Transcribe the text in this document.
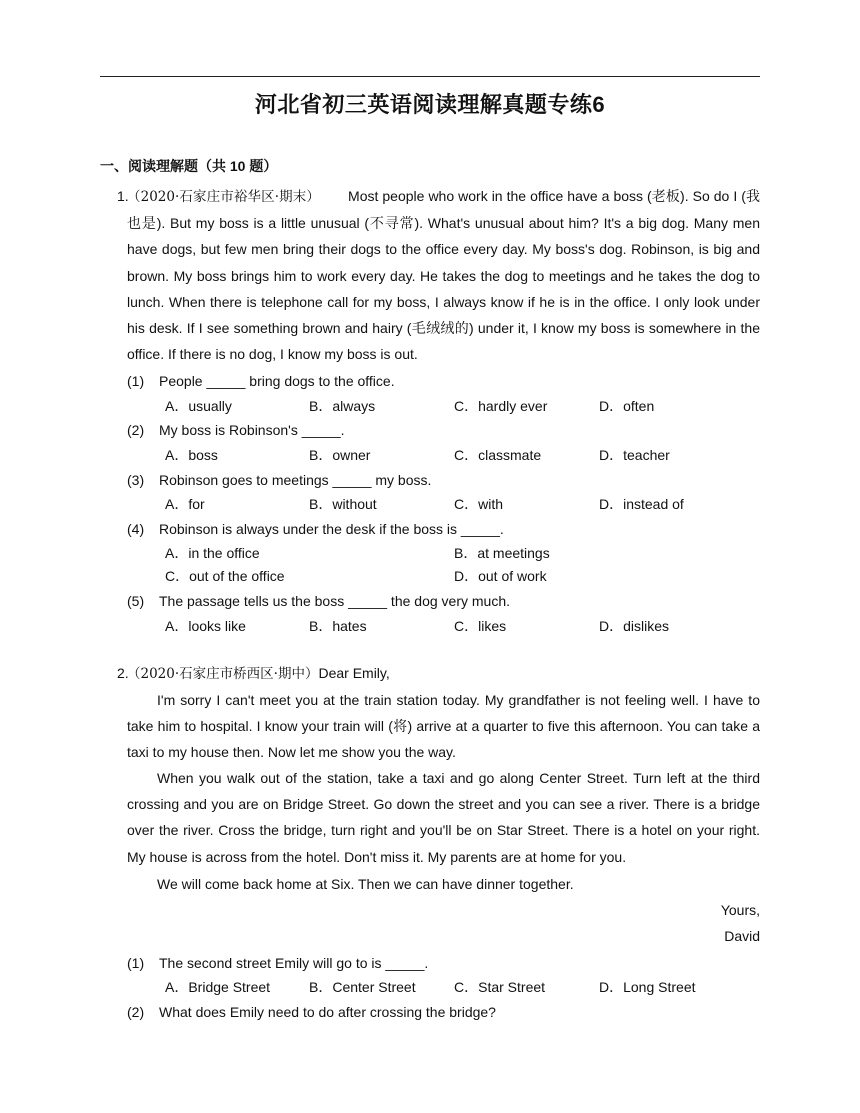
河北省初三英语阅读理解真题专练6
一、阅读理解题（共 10 题）
1.
（2020·石家庄市裕华区·期末） Most people who work in the office have a boss (老板). So do I (我也是). But my boss is a little unusual (不寻常). What's unusual about him? It's a big dog. Many men have dogs, but few men bring their dogs to the office every day. My boss's dog. Robinson, is big and brown. My boss brings him to work every day. He takes the dog to meetings and he takes the dog to lunch. When there is telephone call for my boss, I always know if he is in the office. I only look under his desk. If I see something brown and hairy (毛绒绒的) under it, I know my boss is somewhere in the office. If there is no dog, I know my boss is out.
(1) People _____ bring dogs to the office.
A．usually	B．always	C．hardly ever	D．often
(2) My boss is Robinson's _____.
A．boss	B．owner	C．classmate	D．teacher
(3) Robinson goes to meetings _____ my boss.
A．for	B．without	C．with	D．instead of
(4) Robinson is always under the desk if the boss is _____.
A．in the office	B．at meetings
C．out of the office	D．out of work
(5) The passage tells us the boss _____ the dog very much.
A．looks like	B．hates	C．likes	D．dislikes
2.
（2020·石家庄市桥西区·期中）Dear Emily,
I'm sorry I can't meet you at the train station today. My grandfather is not feeling well. I have to take him to hospital. I know your train will (将) arrive at a quarter to five this afternoon. You can take a taxi to my house then. Now let me show you the way.
When you walk out of the station, take a taxi and go along Center Street. Turn left at the third crossing and you are on Bridge Street. Go down the street and you can see a river. There is a bridge over the river. Cross the bridge, turn right and you'll be on Star Street. There is a hotel on your right. My house is across from the hotel. Don't miss it. My parents are at home for you.
We will come back home at Six. Then we can have dinner together.
Yours,
David
(1) The second street Emily will go to is _____.
A．Bridge Street	B．Center Street	C．Star Street	D．Long Street
(2) What does Emily need to do after crossing the bridge?
